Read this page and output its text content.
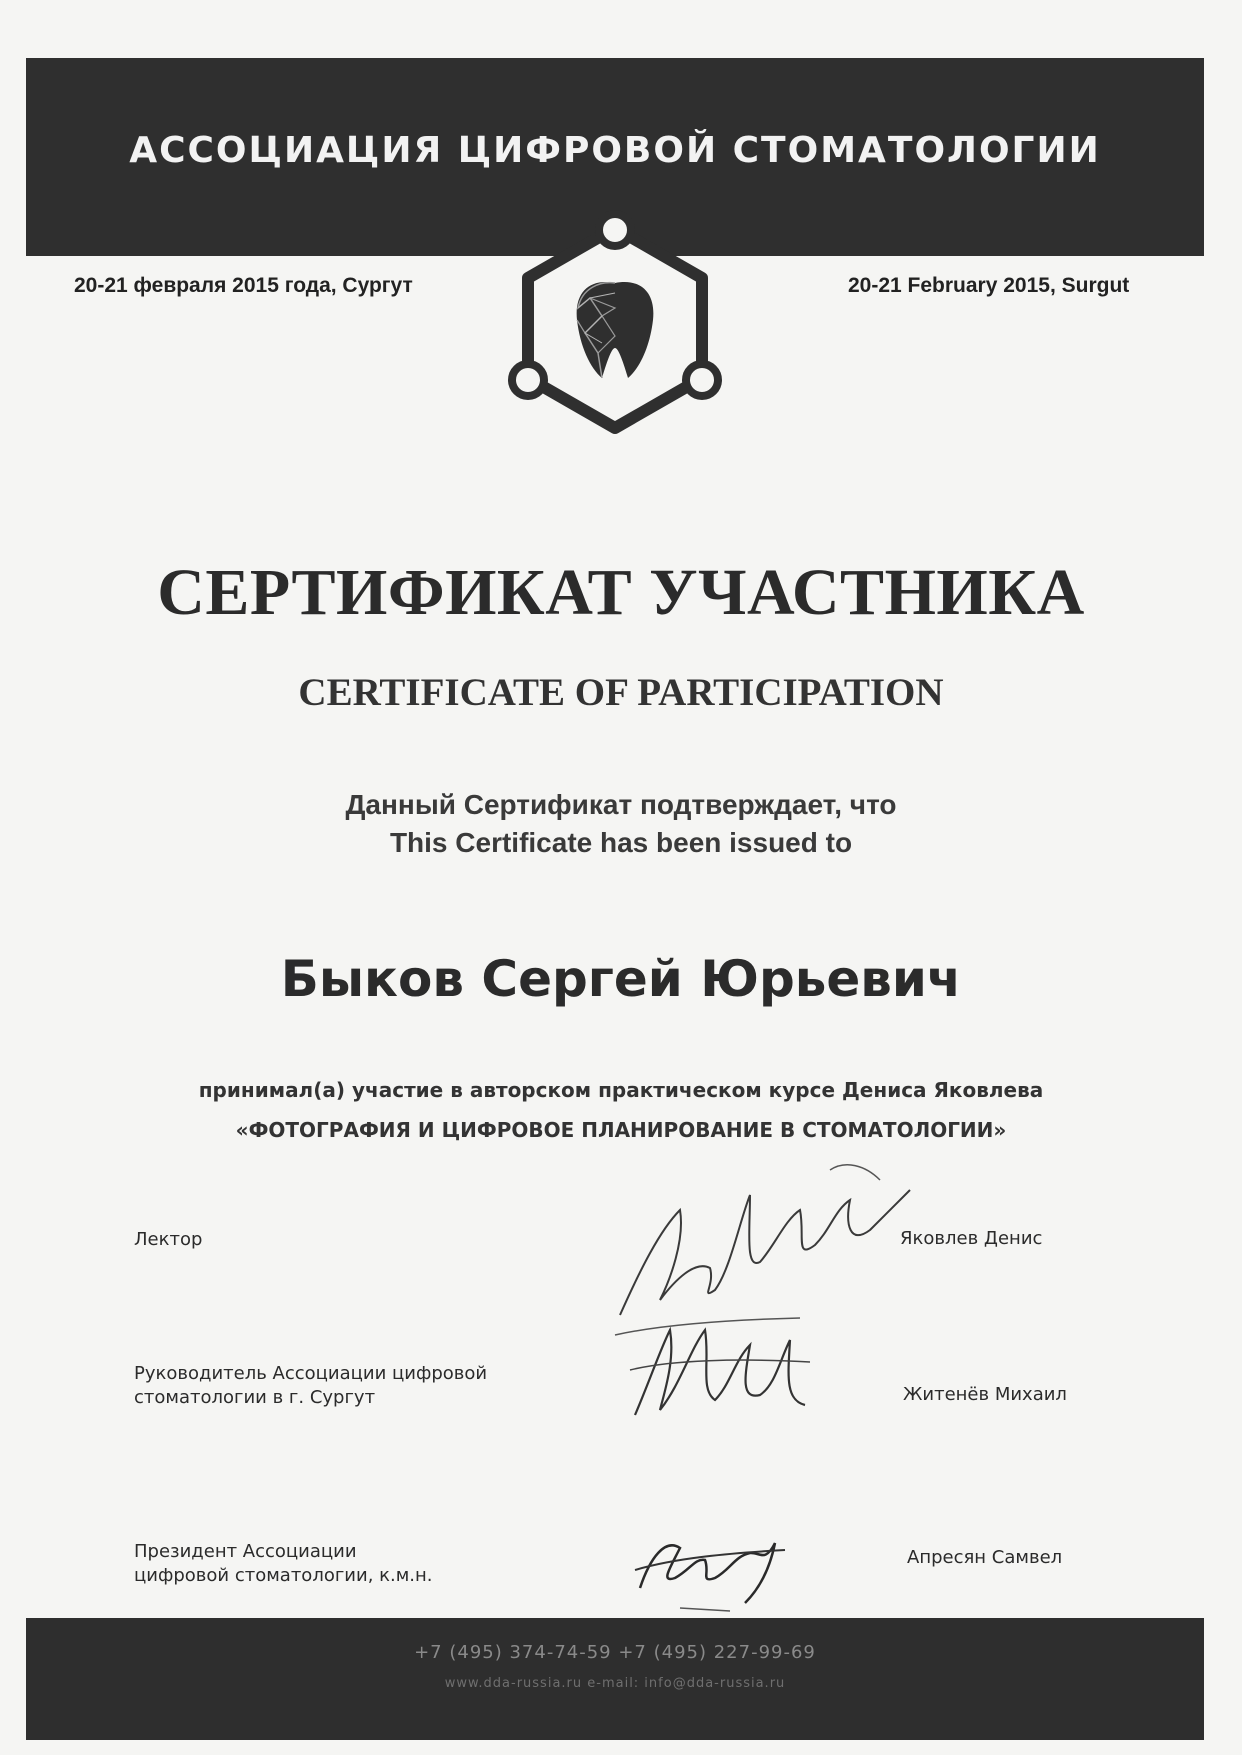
АССОЦИАЦИЯ ЦИФРОВОЙ СТОМАТОЛОГИИ
20-21 февраля 2015 года, Сургут	20-21 February 2015, Surgut
СЕРТИФИКАТ УЧАСТНИКА
CERTIFICATE OF PARTICIPATION
Данный Сертификат подтверждает, что
This Certificate has been issued to
Быков Сергей Юрьевич
принимал(а) участие в авторском практическом курсе Дениса Яковлева
«ФОТОГРАФИЯ И ЦИФРОВОЕ ПЛАНИРОВАНИЕ В СТОМАТОЛОГИИ»
Лектор	Яковлев Денис
Руководитель Ассоциации цифровой
стоматологии в г. Сургут	Житенёв Михаил
Президент Ассоциации
цифровой стоматологии, к.м.н.
Апресян Самвел
+7 (495) 374-74-59 +7 (495) 227-99-69
www.dda-russia.ru e-mail: info@dda-russia.ru
